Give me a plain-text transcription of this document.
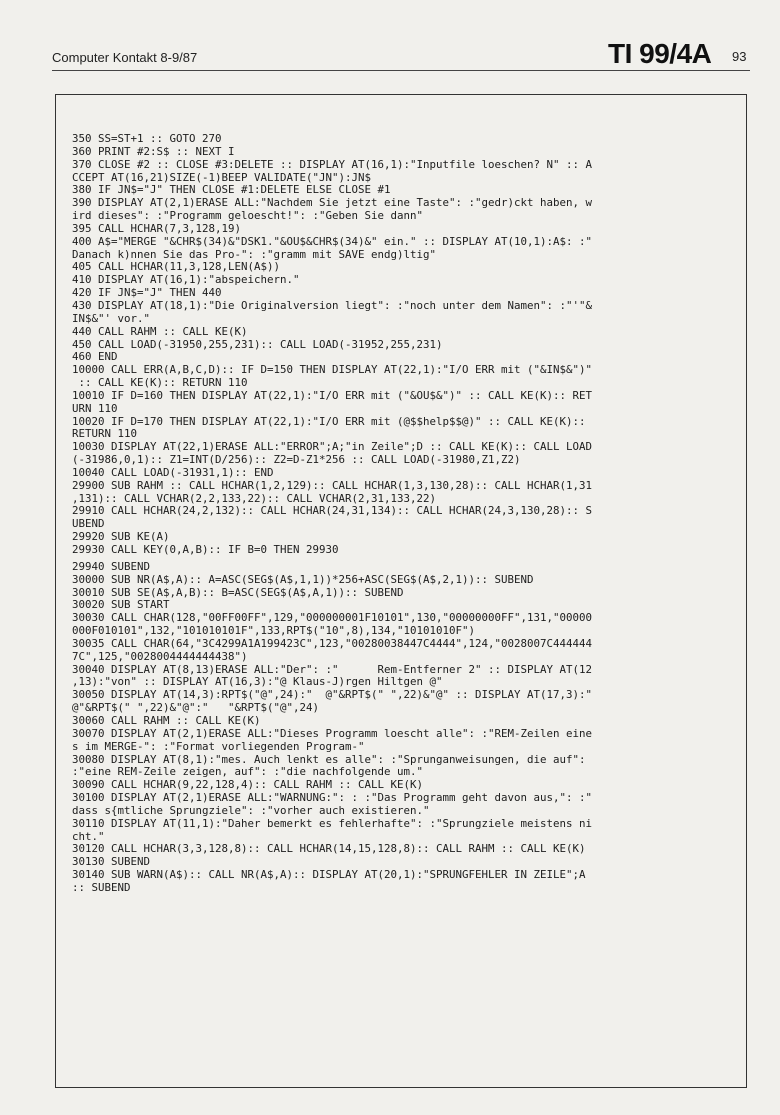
Computer Kontakt 8-9/87	TI 99/4A 93
350 SS=ST+1 :: GOTO 270
360 PRINT #2:S$ :: NEXT I
370 CLOSE #2 :: CLOSE #3:DELETE :: DISPLAY AT(16,1):"Inputfile loeschen? N" :: A
CCEPT AT(16,21)SIZE(-1)BEEP VALIDATE("JN"):JN$
380 IF JN$="J" THEN CLOSE #1:DELETE ELSE CLOSE #1
390 DISPLAY AT(2,1)ERASE ALL:"Nachdem Sie jetzt eine Taste": :"gedr)ckt haben, w
ird dieses": :"Programm geloescht!": :"Geben Sie dann"
395 CALL HCHAR(7,3,128,19)
400 A$="MERGE "&CHR$(34)&"DSK1."&OU$&CHR$(34)&" ein." :: DISPLAY AT(10,1):A$: :"
Danach k)nnen Sie das Pro-": :"gramm mit SAVE endg)ltig"
405 CALL HCHAR(11,3,128,LEN(A$))
410 DISPLAY AT(16,1):"abspeichern."
420 IF JN$="J" THEN 440
430 DISPLAY AT(18,1):"Die Originalversion liegt": :"noch unter dem Namen": :"'"&
IN$&"' vor."
440 CALL RAHM :: CALL KE(K)
450 CALL LOAD(-31950,255,231):: CALL LOAD(-31952,255,231)
460 END
10000 CALL ERR(A,B,C,D):: IF D=150 THEN DISPLAY AT(22,1):"I/O ERR mit ("&IN$&")"
:: CALL KE(K):: RETURN 110
10010 IF D=160 THEN DISPLAY AT(22,1):"I/O ERR mit ("&OU$&")" :: CALL KE(K):: RET
URN 110
10020 IF D=170 THEN DISPLAY AT(22,1):"I/O ERR mit (@$$help$$@)" :: CALL KE(K)::
RETURN 110
10030 DISPLAY AT(22,1)ERASE ALL:"ERROR";A;"in Zeile";D :: CALL KE(K):: CALL LOAD
(-31986,0,1):: Z1=INT(D/256):: Z2=D-Z1*256 :: CALL LOAD(-31980,Z1,Z2)
10040 CALL LOAD(-31931,1):: END
29900 SUB RAHM :: CALL HCHAR(1,2,129):: CALL HCHAR(1,3,130,28):: CALL HCHAR(1,31
,131):: CALL VCHAR(2,2,133,22):: CALL VCHAR(2,31,133,22)
29910 CALL HCHAR(24,2,132):: CALL HCHAR(24,31,134):: CALL HCHAR(24,3,130,28):: S
UBEND
29920 SUB KE(A)
29930 CALL KEY(0,A,B):: IF B=0 THEN 29930
29940 SUBEND
30000 SUB NR(A$,A):: A=ASC(SEG$(A$,1,1))*256+ASC(SEG$(A$,2,1)):: SUBEND
30010 SUB SE(A$,A,B):: B=ASC(SEG$(A$,A,1)):: SUBEND
30020 SUB START
30030 CALL CHAR(128,"00FF00FF",129,"000000001F10101",130,"00000000FF",131,"00000
000F010101",132,"101010101F",133,RPT$("10",8),134,"10101010F")
30035 CALL CHAR(64,"3C4299A1A199423C",123,"00280038447C4444",124,"0028007C444444
7C",125,"0028004444444438")
30040 DISPLAY AT(8,13)ERASE ALL:"Der": :"      Rem-Entferner 2" :: DISPLAY AT(12
,13):"von" :: DISPLAY AT(16,3):"@ Klaus-J)rgen Hiltgen @"
30050 DISPLAY AT(14,3):RPT$("@",24):"  @"&RPT$(" ",22)&"@" :: DISPLAY AT(17,3):"
@"&RPT$(" ",22)&"@":"   "&RPT$("@",24)
30060 CALL RAHM :: CALL KE(K)
30070 DISPLAY AT(2,1)ERASE ALL:"Dieses Programm loescht alle": :"REM-Zeilen eine
s im MERGE-": :"Format vorliegenden Program-"
30080 DISPLAY AT(8,1):"mes. Auch lenkt es alle": :"Sprunganweisungen, die auf":
:"eine REM-Zeile zeigen, auf": :"die nachfolgende um."
30090 CALL HCHAR(9,22,128,4):: CALL RAHM :: CALL KE(K)
30100 DISPLAY AT(2,1)ERASE ALL:"WARNUNG:": : :"Das Programm geht davon aus,": :"
dass s{mtliche Sprungziele": :"vorher auch existieren."
30110 DISPLAY AT(11,1):"Daher bemerkt es fehlerhafte": :"Sprungziele meistens ni
cht."
30120 CALL HCHAR(3,3,128,8):: CALL HCHAR(14,15,128,8):: CALL RAHM :: CALL KE(K)
30130 SUBEND
30140 SUB WARN(A$):: CALL NR(A$,A):: DISPLAY AT(20,1):"SPRUNGFEHLER IN ZEILE";A
:: SUBEND
